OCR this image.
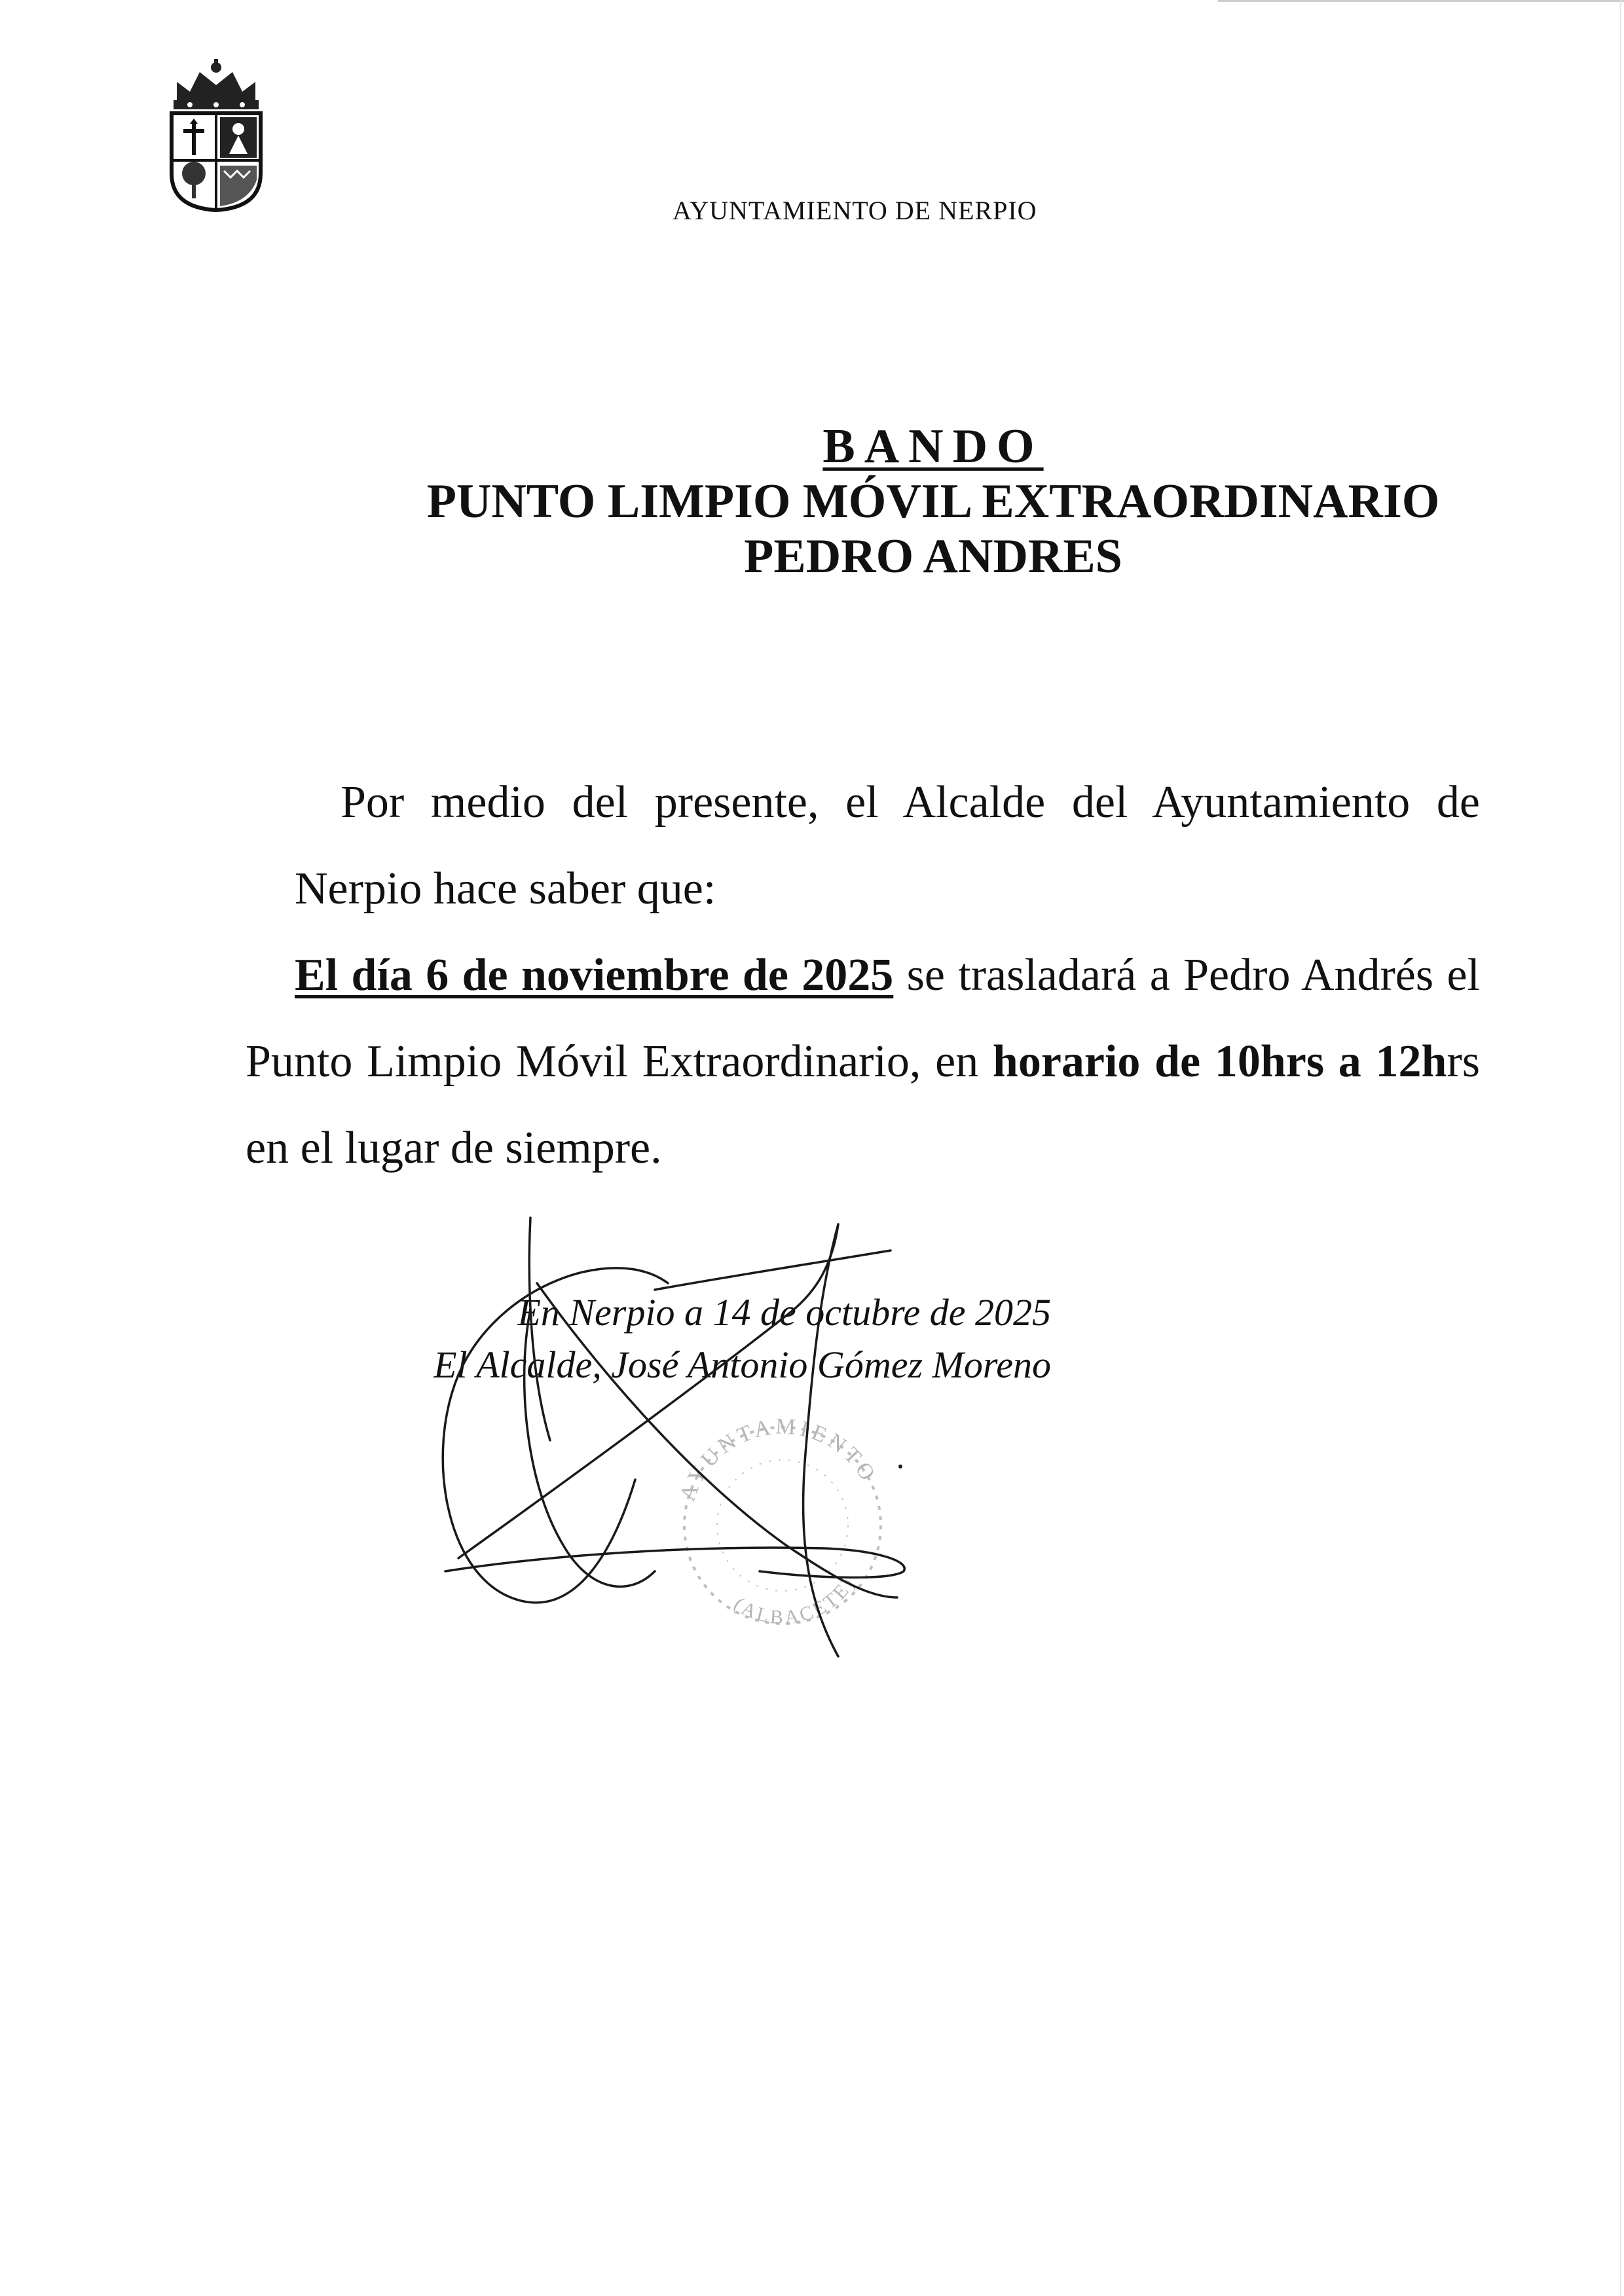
AYUNTAMIENTO DE NERPIO
BANDO
PUNTO LIMPIO MÓVIL EXTRAORDINARIO
PEDRO ANDRES
Por medio del presente, el Alcalde del Ayuntamiento de
Nerpio hace saber que:
El día 6 de noviembre de 2025 se trasladará a Pedro Andrés el Punto Limpio Móvil Extraordinario, en horario de 10hrs a 12hrs en el lugar de siempre.
AYUNTAMIENTO
(ALBACETE)
En Nerpio a 14 de octubre de 2025
El Alcalde, José Antonio Gómez Moreno
